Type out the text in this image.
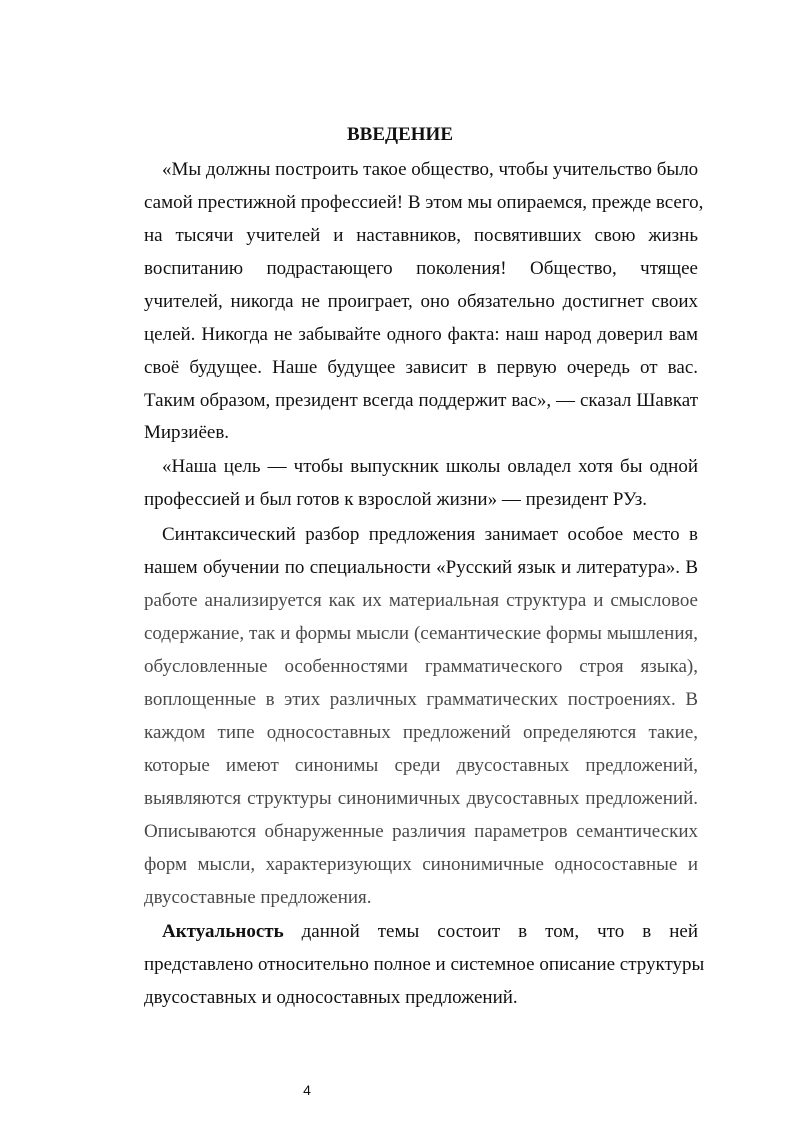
ВВЕДЕНИЕ
«Мы должны построить такое общество, чтобы учительство было
самой престижной профессией! В этом мы опираемся, прежде всего,
на тысячи учителей и наставников, посвятивших свою жизнь
воспитанию подрастающего поколения! Общество, чтящее
учителей, никогда не проиграет, оно обязательно достигнет своих
целей. Никогда не забывайте одного факта: наш народ доверил вам
своё будущее. Наше будущее зависит в первую очередь от вас.
Таким образом, президент всегда поддержит вас», — сказал Шавкат
Мирзиёев.
«Наша цель — чтобы выпускник школы овладел хотя бы одной
профессией и был готов к взрослой жизни» — президент РУз.
Синтаксический разбор предложения занимает особое место в
нашем обучении по специальности «Русский язык и литература». В
работе анализируется как их материальная структура и смысловое
содержание, так и формы мысли (семантические формы мышления,
обусловленные особенностями грамматического строя языка),
воплощенные в этих различных грамматических построениях. В
каждом типе односоставных предложений определяются такие,
которые имеют синонимы среди двусоставных предложений,
выявляются структуры синонимичных двусоставных предложений.
Описываются обнаруженные различия параметров семантических
форм мысли, характеризующих синонимичные односоставные и
двусоставные предложения.
Актуальность данной темы состоит в том, что в ней
представлено относительно полное и системное описание структуры
двусоставных и односоставных предложений.
4
